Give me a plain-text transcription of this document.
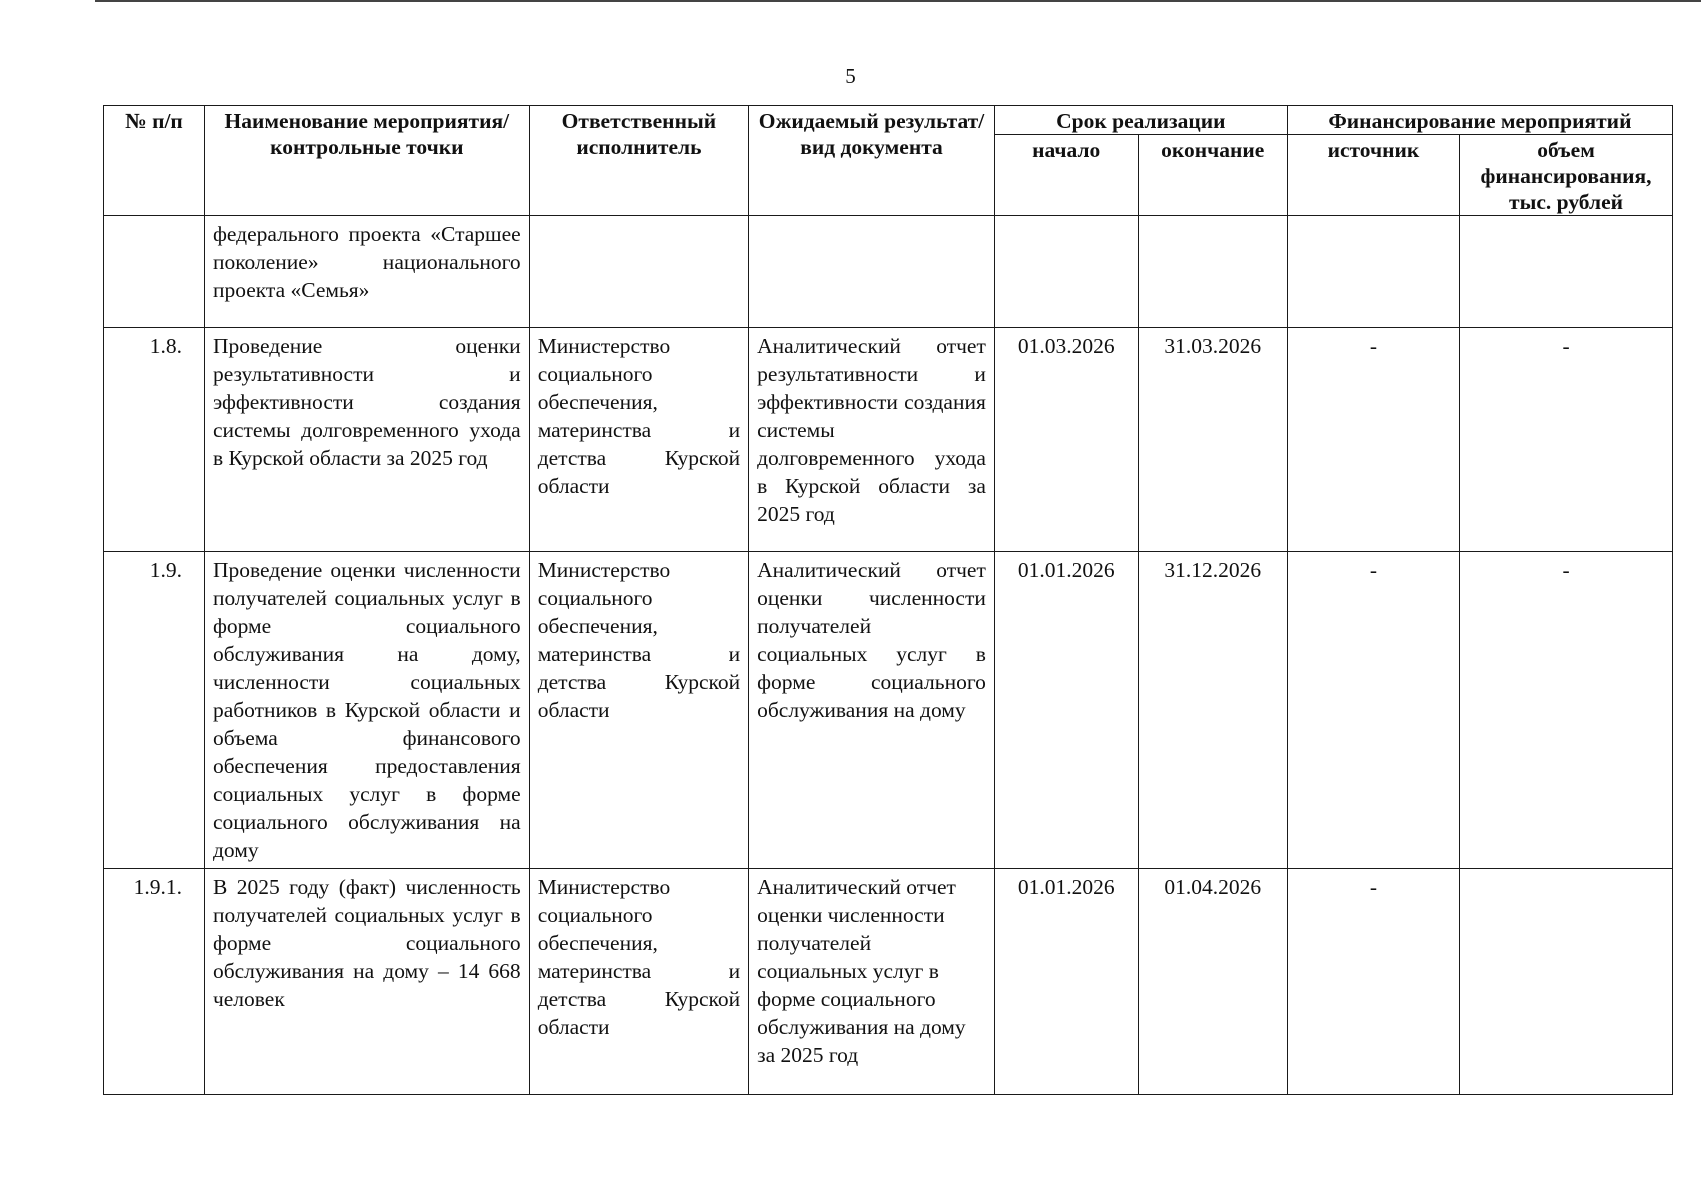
5
№ п/п	Наименование мероприятия/контрольные точки	Ответственный исполнитель	Ожидаемый результат/вид документа	Срок реализации		Финансирование мероприятий	
				начало	окончание	источник	объем финансирования, тыс. рублей
	федерального проекта «Старшее поколение» национального проекта «Семья»						
1.8.	Проведение оценки результативности и эффективности создания системы долговременного ухода в Курской области за 2025 год	Министерство социального обеспечения, материнства и детства Курской области	Аналитический отчет результативности и эффективности создания системы долговременного ухода в Курской области за 2025 год	01.03.2026	31.03.2026	-	-
1.9.	Проведение оценки численности получателей социальных услуг в форме социального обслуживания на дому, численности социальных работников в Курской области и объема финансового обеспечения предоставления социальных услуг в форме социального обслуживания на дому	Министерство социального обеспечения, материнства и детства Курской области	Аналитический отчет оценки численности получателей социальных услуг в форме социального обслуживания на дому	01.01.2026	31.12.2026	-	-
1.9.1.	В 2025 году (факт) численность получателей социальных услуг в форме социального обслуживания на дому – 14 668 человек	Министерство социального обеспечения, материнства и детства Курской области	Аналитический отчет оценки численности получателей социальных услуг в форме социального обслуживания на дому за 2025 год	01.01.2026	01.04.2026	-	
